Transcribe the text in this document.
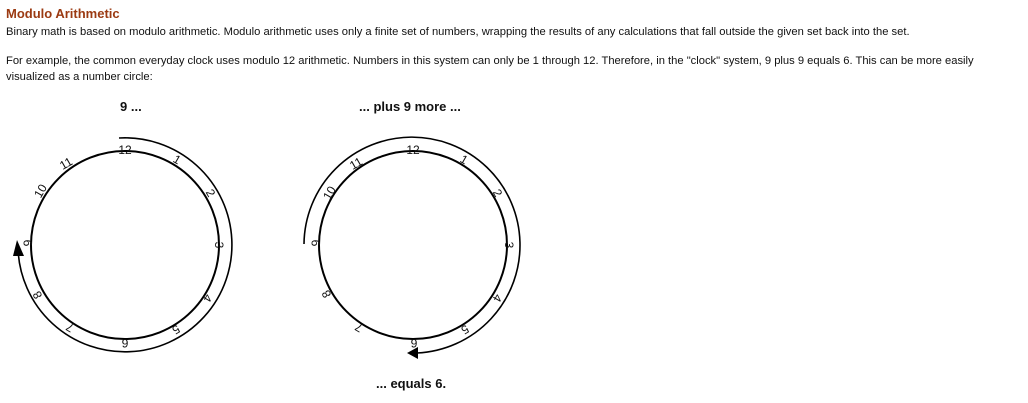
Modulo Arithmetic
Binary math is based on modulo arithmetic. Modulo arithmetic uses only a finite set of numbers, wrapping the results of any calculations that fall outside the given set back into the set.
For example, the common everyday clock uses modulo 12 arithmetic. Numbers in this system can only be 1 through 12. Therefore, in the "clock" system, 9 plus 9 equals 6. This can be more easily visualized as a number circle:
9 ...	... plus 9 more ...
... equals 6.
12
1
2
3
4
5
6
7
8
9
10
11
12
1
2
3
4
5
6
7
8
9
10
11
